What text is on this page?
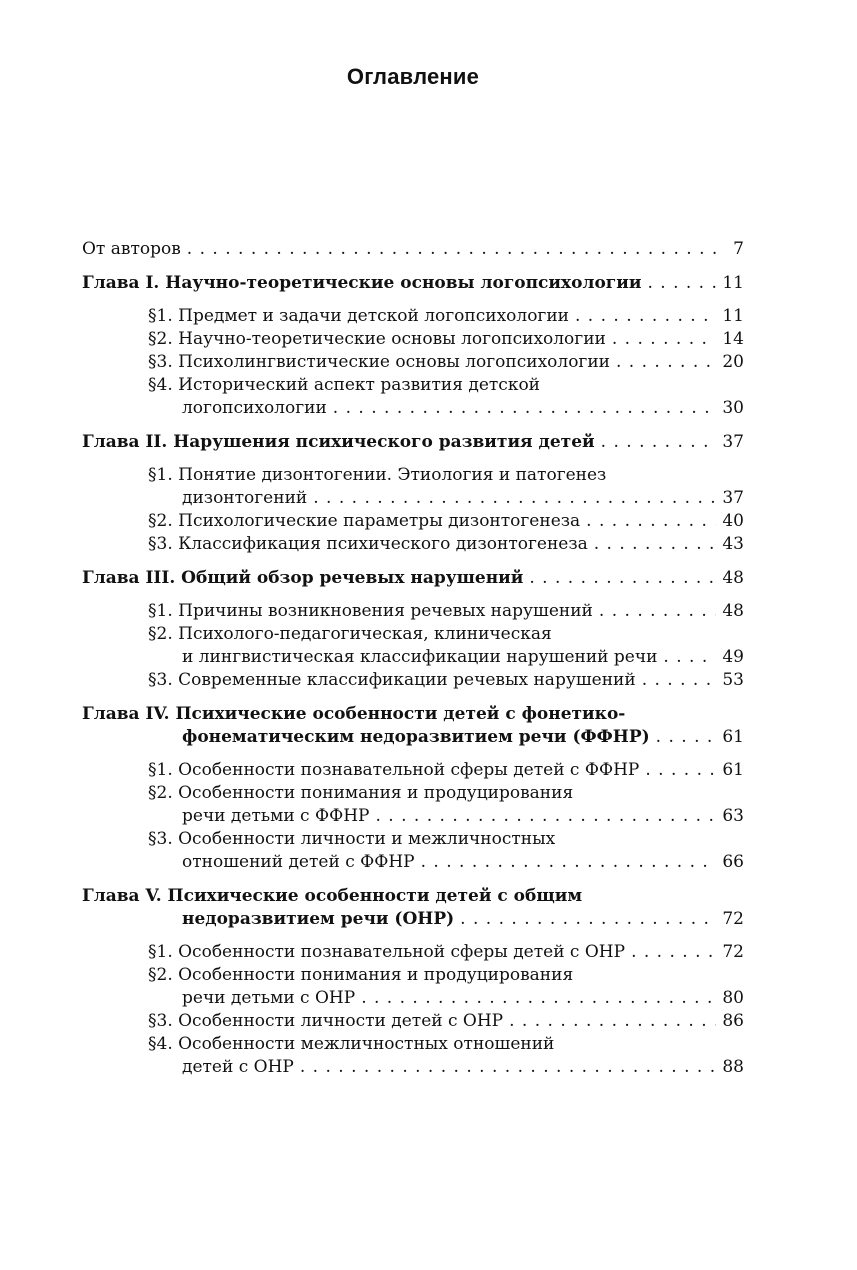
Оглавление
От авторов . . .	7
Глава I. Научно-теоретические основы логопсихологии . . .	11
§1. Предмет и задачи детской логопсихологии . . .	11
§2. Научно-теоретические основы логопсихологии . . .	14
§3. Психолингвистические основы логопсихологии . . .	20
§4. Исторический аспект развития детской
логопсихологии . . .	30
Глава II. Нарушения психического развития детей . . .	37
§1. Понятие дизонтогении. Этиология и патогенез
дизонтогений . . .	37
§2. Психологические параметры дизонтогенеза . . .	40
§3. Классификация психического дизонтогенеза . . .	43
Глава III. Общий обзор речевых нарушений . . .	48
§1. Причины возникновения речевых нарушений . . .	48
§2. Психолого-педагогическая, клиническая
и лингвистическая классификации нарушений речи . . .	49
§3. Современные классификации речевых нарушений . . .	53
Глава IV. Психические особенности детей с фонетико-
фонематическим недоразвитием речи (ФФНР) . . .	61
§1. Особенности познавательной сферы детей с ФФНР . . .	61
§2. Особенности понимания и продуцирования
речи детьми с ФФНР . . .	63
§3. Особенности личности и межличностных
отношений детей с ФФНР . . .	66
Глава V. Психические особенности детей с общим
недоразвитием речи (ОНР) . . .	72
§1. Особенности познавательной сферы детей с ОНР . . .	72
§2. Особенности понимания и продуцирования
речи детьми с ОНР . . .	80
§3. Особенности личности детей с ОНР . . .	86
§4. Особенности межличностных отношений
детей с ОНР . . .	88
